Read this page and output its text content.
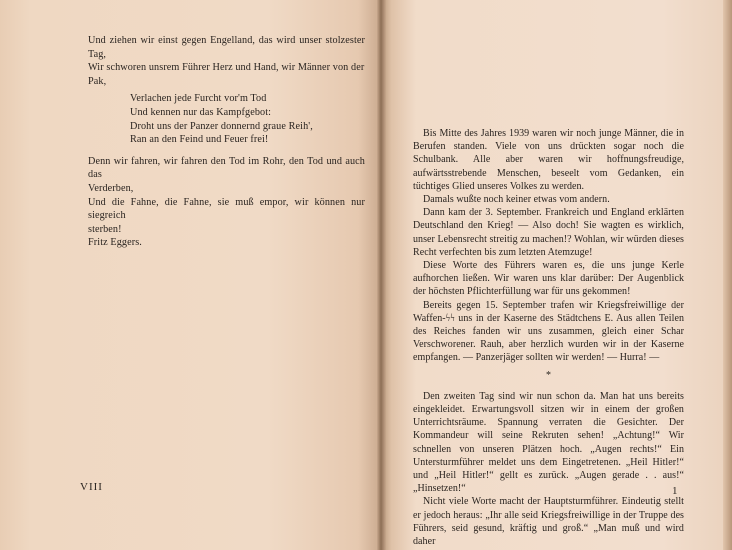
Und ziehen wir einst gegen Engelland, das wird unser stolzester Tag,

Wir schworen unsrem Führer Herz und Hand, wir Männer von der

Pak,

Verlachen jede Furcht vor'm Tod

Und kennen nur das Kampfgebot:

Droht uns der Panzer donnernd graue Reih',

Ran an den Feind und Feuer frei!

Denn wir fahren, wir fahren den Tod im Rohr, den Tod und auch das

Verderben,

Und die Fahne, die Fahne, sie muß empor, wir können nur siegreich

sterben!

Fritz Eggers.

VIII

Bis Mitte des Jahres 1939 waren wir noch junge Männer, die in Berufen standen. Viele von uns drückten sogar noch die Schulbank. Alle aber waren wir hoffnungsfreudige, aufwärtsstrebende Menschen, beseelt vom Gedanken, ein tüchtiges Glied unseres Volkes zu werden.

Damals wußte noch keiner etwas vom andern.

Dann kam der 3. September. Frankreich und England erklärten Deutschland den Krieg! — Also doch! Sie wagten es wirklich, unser Lebensrecht streitig zu machen!? Wohlan, wir würden dieses Recht verfechten bis zum letzten Atemzuge!

Diese Worte des Führers waren es, die uns junge Kerle aufhorchen ließen. Wir waren uns klar darüber: Der Augenblick der höchsten Pflichterfüllung war für uns gekommen!

Bereits gegen 15. September trafen wir Kriegsfreiwillige der Waffen-ϟϟ uns in der Kaserne des Städtchens E. Aus allen Teilen des Reiches fanden wir uns zusammen, gleich einer Schar Verschworener. Rauh, aber herzlich wurden wir in der Kaserne empfangen. — Panzerjäger sollten wir werden! — Hurra! —

*

Den zweiten Tag sind wir nun schon da. Man hat uns bereits eingekleidet. Erwartungsvoll sitzen wir in einem der großen Unterrichtsräume. Spannung verraten die Gesichter. Der Kommandeur will seine Rekruten sehen! „Achtung!“ Wir schnellen von unseren Plätzen hoch. „Augen rechts!“ Ein Untersturmführer meldet uns dem Eingetretenen. „Heil Hitler!“ und „Heil Hitler!“ gellt es zurück. „Augen gerade . . aus!“ „Hinsetzen!“

Nicht viele Worte macht der Hauptsturmführer. Eindeutig stellt er jedoch heraus: „Ihr alle seid Kriegsfreiwillige in der Truppe des Führers, seid gesund, kräftig und groß.“ „Man muß und wird daher

1
